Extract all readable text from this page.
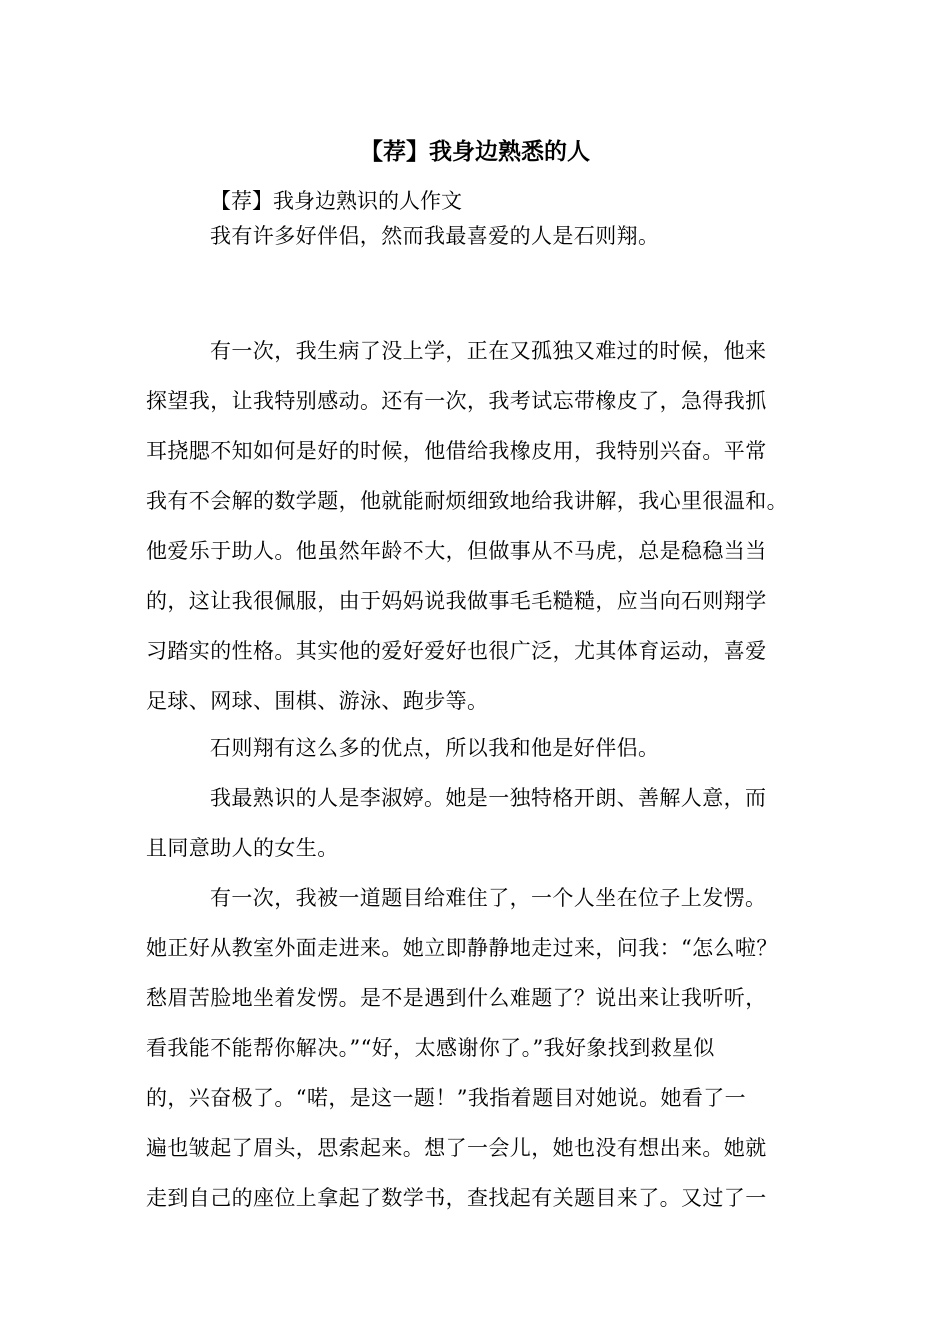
【荐】我身边熟悉的人

【荐】我身边熟识的人作文

我有许多好伴侣，然而我最喜爱的人是石则翔。
有一次，我生病了没上学，正在又孤独又难过的时候，他来
探望我，让我特别感动。还有一次，我考试忘带橡皮了，急得我抓
耳挠腮不知如何是好的时候，他借给我橡皮用，我特别兴奋。平常
我有不会解的数学题，他就能耐烦细致地给我讲解，我心里很温和。
他爱乐于助人。他虽然年龄不大，但做事从不马虎，总是稳稳当当
的，这让我很佩服，由于妈妈说我做事毛毛糙糙，应当向石则翔学
习踏实的性格。其实他的爱好爱好也很广泛，尤其体育运动，喜爱
足球、网球、围棋、游泳、跑步等。
石则翔有这么多的优点，所以我和他是好伴侣。
我最熟识的人是李淑婷。她是一独特格开朗、善解人意，而
且同意助人的女生。
有一次，我被一道题目给难住了，一个人坐在位子上发愣。
她正好从教室外面走进来。她立即静静地走过来，问我：“怎么啦？
愁眉苦脸地坐着发愣。是不是遇到什么难题了？说出来让我听听，
看我能不能帮你解决。”“好，太感谢你了。”我好象找到救星似
的，兴奋极了。“喏，是这一题！”我指着题目对她说。她看了一
遍也皱起了眉头，思索起来。想了一会儿，她也没有想出来。她就
走到自己的座位上拿起了数学书，查找起有关题目来了。又过了一
